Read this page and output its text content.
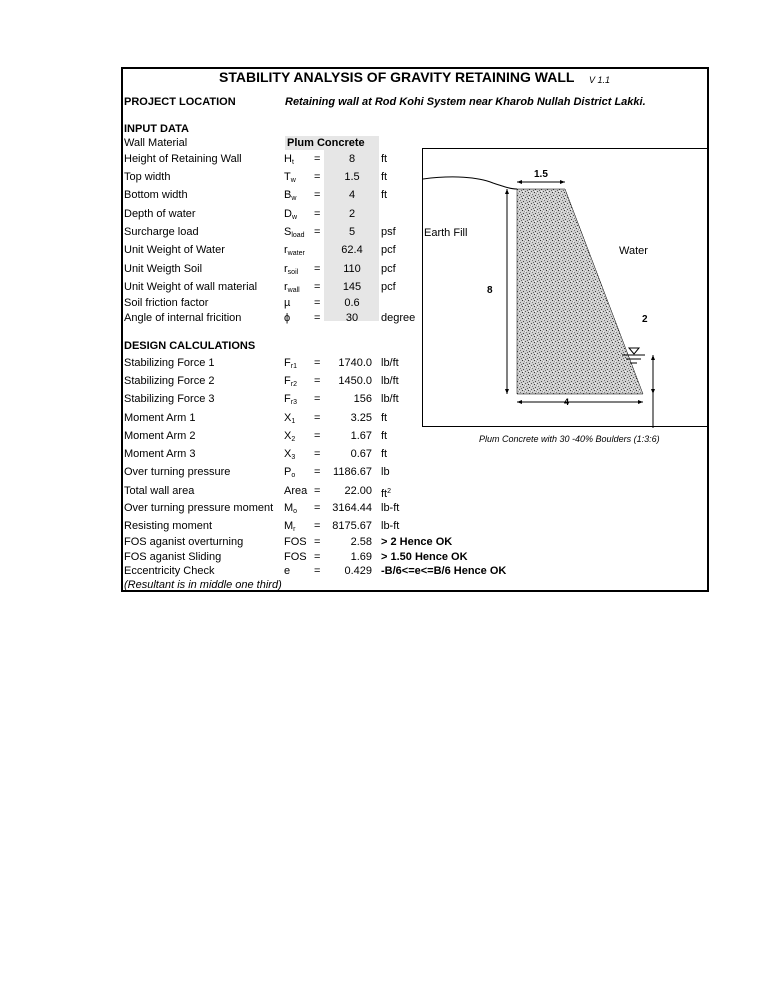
STABILITY ANALYSIS OF GRAVITY RETAINING WALL V 1.1
PROJECT LOCATION	Retaining wall at Rod Kohi System near Kharob Nullah District Lakki.
INPUT DATA
Wall Material	Plum Concrete
Height of Retaining Wall	$H_t$ =	8	ft
Top width	$T_w$ =	1.5	ft
Bottom width	$B_w$ =	4	ft
Depth of water	$D_w$ =	2
Surcharge load	$S_{load}$ =	5	psf
Unit Weight of Water	$r_{water}$	62.4	pcf
Unit Weigth Soil	$r_{soil}$ =	110	pcf
Unit Weight of wall material $r_{wall}$ =	145	pcf
Soil friction factor	µ =	0.6
Angle of internal fricition	ϕ =	30	degree
DESIGN CALCULATIONS
Stabilizing Force 1	$F_{r1}$ =	1740.0 lb/ft
Stabilizing Force 2	$F_{r2}$ =	1450.0 lb/ft
Stabilizing Force 3	$F_{r3}$ =	156 lb/ft
Moment Arm 1	$X_1$ =	3.25 ft
Moment Arm 2	$X_2$ =	1.67 ft
Moment Arm 3	$X_3$ =	0.67 ft
Over turning pressure	$P_o$ =	1186.67 lb
Total wall area	Area =	22.00 $ft^2$
Over turning pressure moment $M_o$ =	3164.44 lb-ft
Resisting moment	$M_r$ =	8175.67 lb-ft
FOS aganist overturning	FOS =	2.58 > 2 Hence OK
FOS aganist Sliding	FOS =	1.69 > 1.50 Hence OK
Eccentricity Check	e =	0.429 -B/6<=e<=B/6 Hence OK
(Resultant is in middle one third)
1.5
8
2
4
Earth Fill
Water
Plum Concrete with 30 -40% Boulders (1:3:6)
